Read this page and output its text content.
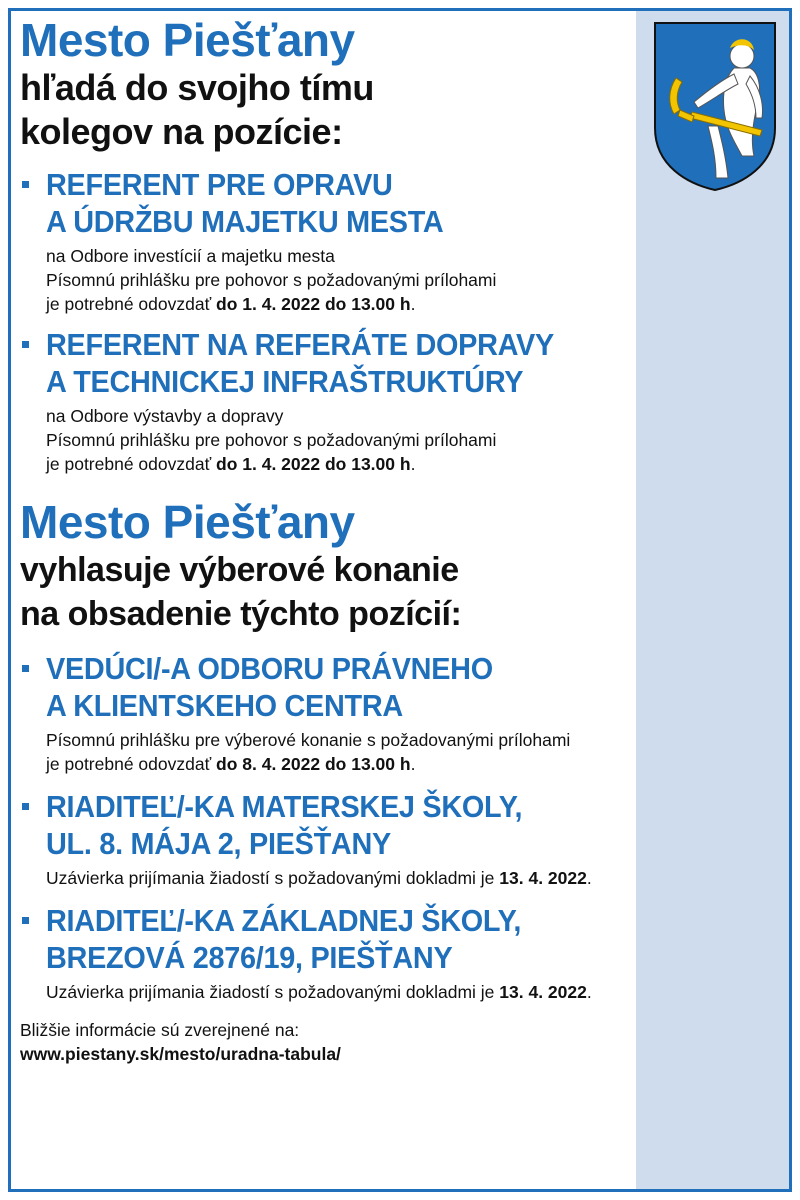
Mesto Piešťany
hľadá do svojho tímu
kolegov na pozície:
REFERENT PRE OPRAVU
A ÚDRŽBU MAJETKU MESTA
na Odbore investícií a majetku mesta
Písomnú prihlášku pre pohovor s požadovanými prílohami
je potrebné odovzdať do 1. 4. 2022 do 13.00 h.
REFERENT NA REFERÁTE DOPRAVY
A TECHNICKEJ INFRAŠTRUKTÚRY
na Odbore výstavby a dopravy
Písomnú prihlášku pre pohovor s požadovanými prílohami
je potrebné odovzdať do 1. 4. 2022 do 13.00 h.
Mesto Piešťany
vyhlasuje výberové konanie
na obsadenie týchto pozícií:
VEDÚCI/-A ODBORU PRÁVNEHO
A KLIENTSKEHO CENTRA
Písomnú prihlášku pre výberové konanie s požadovanými prílohami
je potrebné odovzdať do 8. 4. 2022 do 13.00 h.
RIADITEĽ/-KA MATERSKEJ ŠKOLY,
UL. 8. MÁJA 2, PIEŠŤANY
Uzávierka prijímania žiadostí s požadovanými dokladmi je 13. 4. 2022.
RIADITEĽ/-KA ZÁKLADNEJ ŠKOLY,
BREZOVÁ 2876/19, PIEŠŤANY
Uzávierka prijímania žiadostí s požadovanými dokladmi je 13. 4. 2022.
Bližšie informácie sú zverejnené na:
www.piestany.sk/mesto/uradna-tabula/
